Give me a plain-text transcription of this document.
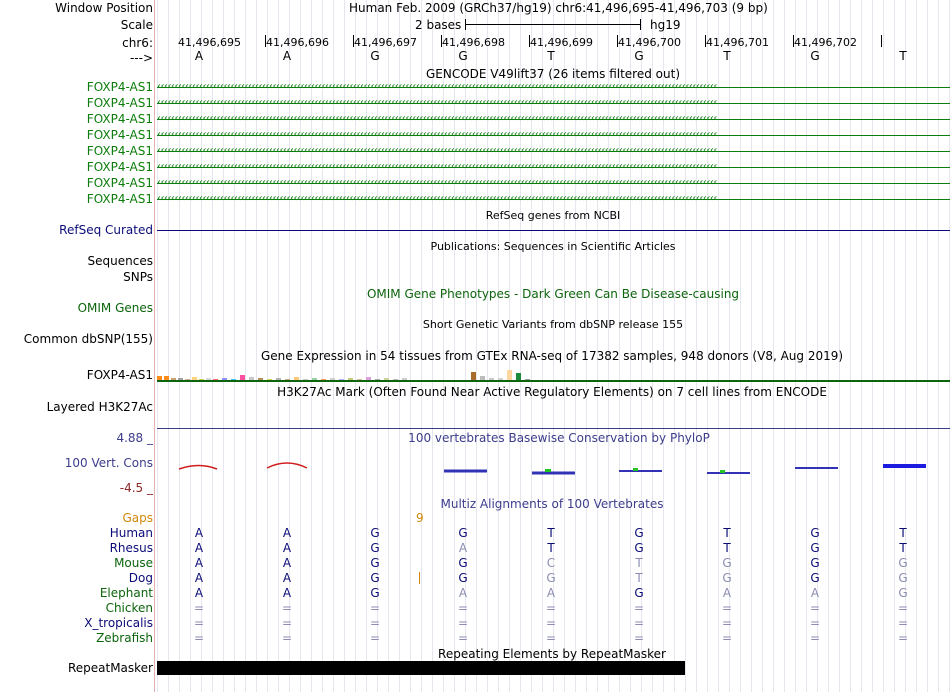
Window Position	Human Feb. 2009 (GRCh37/hg19) chr6:41,496,695-41,496,703 (9 bp)
Scale	2 bases	hg19
chr6: 41,496,695 41,496,696 41,496,697 41,496,698 41,496,699 41,496,700 41,496,701 41,496,702
--->	A	A	G	G	T	G	T	G	T
GENCODE V49lift37 (26 items filtered out)
FOXP4-AS1 ‹‹‹‹‹‹‹‹‹‹‹‹‹‹‹‹‹‹‹‹‹‹‹‹‹‹‹‹‹‹‹‹‹‹‹‹‹‹‹‹‹‹‹‹‹‹‹‹‹‹‹‹‹‹‹‹‹‹‹‹‹‹‹‹‹‹‹‹‹‹‹‹‹‹‹‹‹‹‹‹‹‹‹‹‹‹‹‹‹‹‹‹‹‹‹‹‹‹‹‹‹‹‹‹‹‹‹‹‹‹‹‹‹‹‹‹‹‹‹‹‹‹‹‹‹‹‹‹‹‹‹‹‹‹‹‹‹‹‹‹‹‹‹‹‹‹‹‹‹‹‹‹‹‹‹‹‹‹‹‹
FOXP4-AS1 ‹‹‹‹‹‹‹‹‹‹‹‹‹‹‹‹‹‹‹‹‹‹‹‹‹‹‹‹‹‹‹‹‹‹‹‹‹‹‹‹‹‹‹‹‹‹‹‹‹‹‹‹‹‹‹‹‹‹‹‹‹‹‹‹‹‹‹‹‹‹‹‹‹‹‹‹‹‹‹‹‹‹‹‹‹‹‹‹‹‹‹‹‹‹‹‹‹‹‹‹‹‹‹‹‹‹‹‹‹‹‹‹‹‹‹‹‹‹‹‹‹‹‹‹‹‹‹‹‹‹‹‹‹‹‹‹‹‹‹‹‹‹‹‹‹‹‹‹‹‹‹‹‹‹‹‹‹‹‹‹
FOXP4-AS1 ‹‹‹‹‹‹‹‹‹‹‹‹‹‹‹‹‹‹‹‹‹‹‹‹‹‹‹‹‹‹‹‹‹‹‹‹‹‹‹‹‹‹‹‹‹‹‹‹‹‹‹‹‹‹‹‹‹‹‹‹‹‹‹‹‹‹‹‹‹‹‹‹‹‹‹‹‹‹‹‹‹‹‹‹‹‹‹‹‹‹‹‹‹‹‹‹‹‹‹‹‹‹‹‹‹‹‹‹‹‹‹‹‹‹‹‹‹‹‹‹‹‹‹‹‹‹‹‹‹‹‹‹‹‹‹‹‹‹‹‹‹‹‹‹‹‹‹‹‹‹‹‹‹‹‹‹‹‹‹‹
FOXP4-AS1 ‹‹‹‹‹‹‹‹‹‹‹‹‹‹‹‹‹‹‹‹‹‹‹‹‹‹‹‹‹‹‹‹‹‹‹‹‹‹‹‹‹‹‹‹‹‹‹‹‹‹‹‹‹‹‹‹‹‹‹‹‹‹‹‹‹‹‹‹‹‹‹‹‹‹‹‹‹‹‹‹‹‹‹‹‹‹‹‹‹‹‹‹‹‹‹‹‹‹‹‹‹‹‹‹‹‹‹‹‹‹‹‹‹‹‹‹‹‹‹‹‹‹‹‹‹‹‹‹‹‹‹‹‹‹‹‹‹‹‹‹‹‹‹‹‹‹‹‹‹‹‹‹‹‹‹‹‹‹‹‹
FOXP4-AS1 ‹‹‹‹‹‹‹‹‹‹‹‹‹‹‹‹‹‹‹‹‹‹‹‹‹‹‹‹‹‹‹‹‹‹‹‹‹‹‹‹‹‹‹‹‹‹‹‹‹‹‹‹‹‹‹‹‹‹‹‹‹‹‹‹‹‹‹‹‹‹‹‹‹‹‹‹‹‹‹‹‹‹‹‹‹‹‹‹‹‹‹‹‹‹‹‹‹‹‹‹‹‹‹‹‹‹‹‹‹‹‹‹‹‹‹‹‹‹‹‹‹‹‹‹‹‹‹‹‹‹‹‹‹‹‹‹‹‹‹‹‹‹‹‹‹‹‹‹‹‹‹‹‹‹‹‹‹‹‹‹
FOXP4-AS1 ‹‹‹‹‹‹‹‹‹‹‹‹‹‹‹‹‹‹‹‹‹‹‹‹‹‹‹‹‹‹‹‹‹‹‹‹‹‹‹‹‹‹‹‹‹‹‹‹‹‹‹‹‹‹‹‹‹‹‹‹‹‹‹‹‹‹‹‹‹‹‹‹‹‹‹‹‹‹‹‹‹‹‹‹‹‹‹‹‹‹‹‹‹‹‹‹‹‹‹‹‹‹‹‹‹‹‹‹‹‹‹‹‹‹‹‹‹‹‹‹‹‹‹‹‹‹‹‹‹‹‹‹‹‹‹‹‹‹‹‹‹‹‹‹‹‹‹‹‹‹‹‹‹‹‹‹‹‹‹‹
FOXP4-AS1 ‹‹‹‹‹‹‹‹‹‹‹‹‹‹‹‹‹‹‹‹‹‹‹‹‹‹‹‹‹‹‹‹‹‹‹‹‹‹‹‹‹‹‹‹‹‹‹‹‹‹‹‹‹‹‹‹‹‹‹‹‹‹‹‹‹‹‹‹‹‹‹‹‹‹‹‹‹‹‹‹‹‹‹‹‹‹‹‹‹‹‹‹‹‹‹‹‹‹‹‹‹‹‹‹‹‹‹‹‹‹‹‹‹‹‹‹‹‹‹‹‹‹‹‹‹‹‹‹‹‹‹‹‹‹‹‹‹‹‹‹‹‹‹‹‹‹‹‹‹‹‹‹‹‹‹‹‹‹‹‹
FOXP4-AS1 ‹‹‹‹‹‹‹‹‹‹‹‹‹‹‹‹‹‹‹‹‹‹‹‹‹‹‹‹‹‹‹‹‹‹‹‹‹‹‹‹‹‹‹‹‹‹‹‹‹‹‹‹‹‹‹‹‹‹‹‹‹‹‹‹‹‹‹‹‹‹‹‹‹‹‹‹‹‹‹‹‹‹‹‹‹‹‹‹‹‹‹‹‹‹‹‹‹‹‹‹‹‹‹‹‹‹‹‹‹‹‹‹‹‹‹‹‹‹‹‹‹‹‹‹‹‹‹‹‹‹‹‹‹‹‹‹‹‹‹‹‹‹‹‹‹‹‹‹‹‹‹‹‹‹‹‹‹‹‹‹
RefSeq genes from NCBI
RefSeq Curated
Publications: Sequences in Scientific Articles
Sequences
SNPs
OMIM Gene Phenotypes - Dark Green Can Be Disease-causing
OMIM Genes
Short Genetic Variants from dbSNP release 155
Common dbSNP(155)
Gene Expression in 54 tissues from GTEx RNA-seq of 17382 samples, 948 donors (V8, Aug 2019)
FOXP4-AS1
H3K27Ac Mark (Often Found Near Active Regulatory Elements) on 7 cell lines from ENCODE
Layered H3K27Ac
100 vertebrates Basewise Conservation by PhyloP
4.88 _
100 Vert. Cons
-4.5 _
Multiz Alignments of 100 Vertebrates
Gaps	9
Human	A	A	G	G	T	G	T	G	T
Rhesus	A	A	G	A	T	G	T	G	T
Mouse	A	A	G	G	C	T	G	G	G
Dog	A	A	G	G	G	T	G	G	G
Elephant	A	A	G	A	A	G	A	A	G
Chicken	=	=	=	=	=	=	=	=	=
X_tropicalis	=	=	=	=	=	=	=	=	=
Zebrafish	=	=	=	=	=	=	=	=	=
Repeating Elements by RepeatMasker
RepeatMasker
